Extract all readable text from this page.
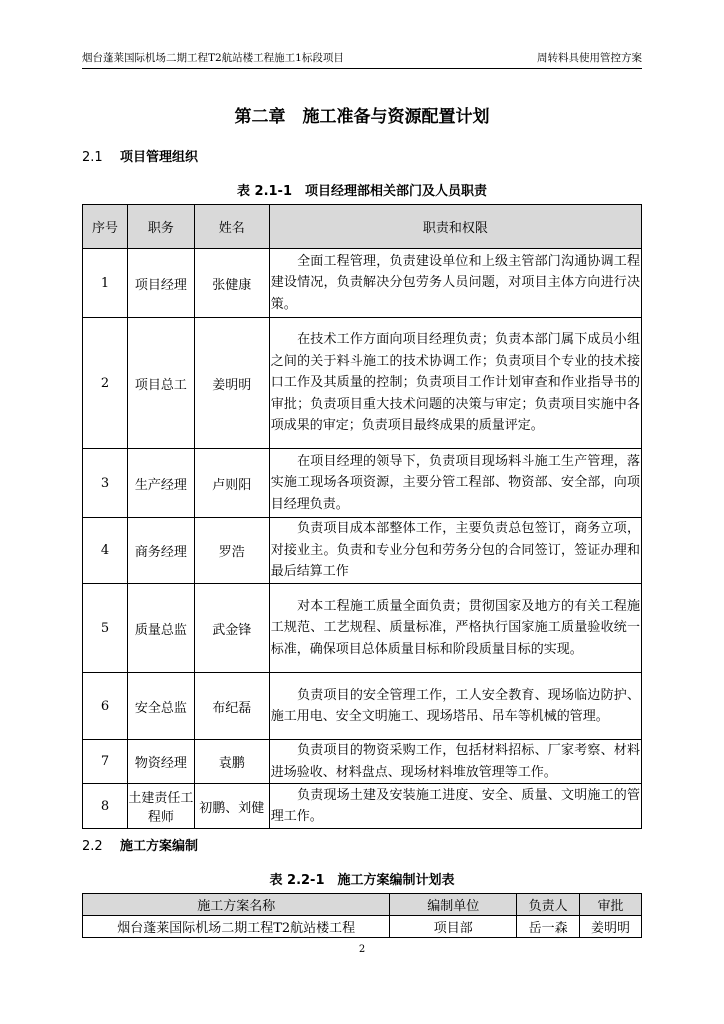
烟台蓬莱国际机场二期工程T2航站楼工程施工1标段项目	周转料具使用管控方案
第二章　施工准备与资源配置计划
2.1 项目管理组织
表 2.1-1　项目经理部相关部门及人员职责
序号	职务	姓名	职责和权限
1	项目经理	张健康	　　全面工程管理，负责建设单位和上级主管部门沟通协调工程建设情况，负责解决分包劳务人员问题，对项目主体方向进行决策。
2	项目总工	姜明明	　　在技术工作方面向项目经理负责；负责本部门属下成员小组之间的关于料斗施工的技术协调工作；负责项目个专业的技术接口工作及其质量的控制；负责项目工作计划审查和作业指导书的审批；负责项目重大技术问题的决策与审定；负责项目实施中各项成果的审定；负责项目最终成果的质量评定。
3	生产经理	卢则阳	　　在项目经理的领导下，负责项目现场料斗施工生产管理，落实施工现场各项资源，主要分管工程部、物资部、安全部，向项目经理负责。
4	商务经理	罗浩	　　负责项目成本部整体工作，主要负责总包签订，商务立项，对接业主。负责和专业分包和劳务分包的合同签订，签证办理和最后结算工作
5	质量总监	武金锋	　　对本工程施工质量全面负责；贯彻国家及地方的有关工程施工规范、工艺规程、质量标准，严格执行国家施工质量验收统一标准，确保项目总体质量目标和阶段质量目标的实现。
6	安全总监	布纪磊	　　负责项目的安全管理工作，工人安全教育、现场临边防护、施工用电、安全文明施工、现场塔吊、吊车等机械的管理。
7	物资经理	袁鹏	　　负责项目的物资采购工作，包括材料招标、厂家考察、材料进场验收、材料盘点、现场材料堆放管理等工作。
8	土建责任工程师	初鹏、刘健	　　负责现场土建及安装施工进度、安全、质量、文明施工的管理工作。
2.2 施工方案编制
表 2.2-1　施工方案编制计划表
施工方案名称	编制单位	负责人	审批
烟台蓬莱国际机场二期工程T2航站楼工程	项目部	岳一森	姜明明
2
